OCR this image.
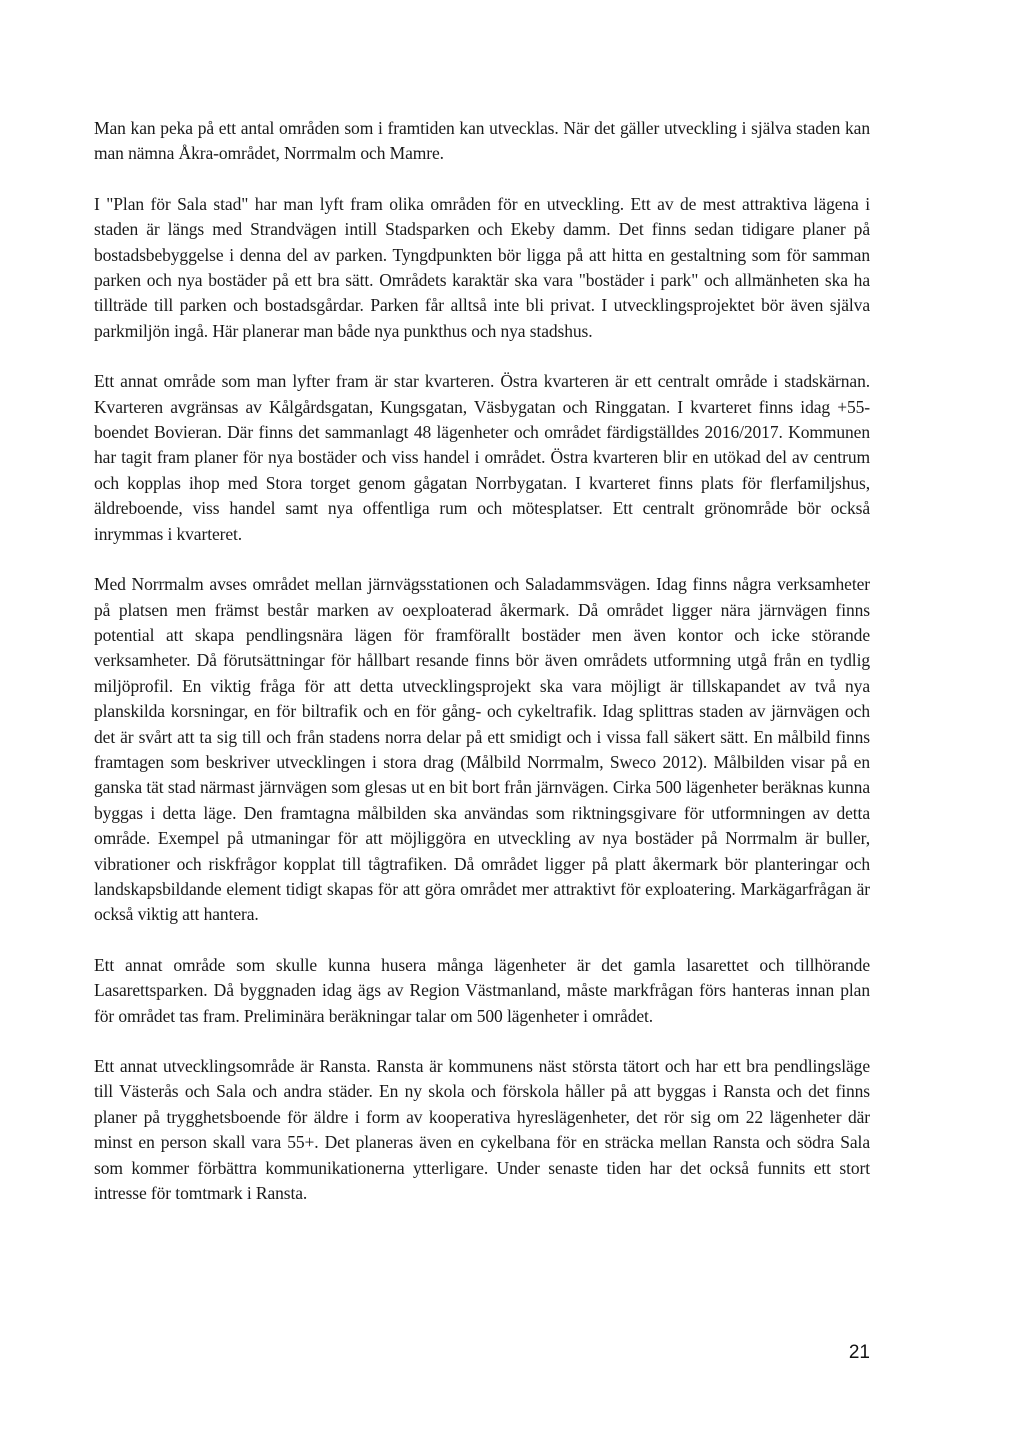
Man kan peka på ett antal områden som i framtiden kan utvecklas. När det gäller utveckling i själva staden kan man nämna Åkra-området, Norrmalm och Mamre.

I "Plan för Sala stad" har man lyft fram olika områden för en utveckling. Ett av de mest attraktiva lägena i staden är längs med Strandvägen intill Stadsparken och Ekeby damm. Det finns sedan tidigare planer på bostadsbebyggelse i denna del av parken. Tyngdpunkten bör ligga på att hitta en gestaltning som för samman parken och nya bostäder på ett bra sätt. Områdets karaktär ska vara "bostäder i park" och allmänheten ska ha tillträde till parken och bostadsgårdar. Parken får alltså inte bli privat. I utvecklingsprojektet bör även själva parkmiljön ingå. Här planerar man både nya punkthus och nya stadshus.

Ett annat område som man lyfter fram är star kvarteren. Östra kvarteren är ett centralt område i stadskärnan. Kvarteren avgränsas av Kålgårdsgatan, Kungsgatan, Väsbygatan och Ringgatan. I kvarteret finns idag +55-boendet Bovieran. Där finns det sammanlagt 48 lägenheter och området färdigställdes 2016/2017. Kommunen har tagit fram planer för nya bostäder och viss handel i området. Östra kvarteren blir en utökad del av centrum och kopplas ihop med Stora torget genom gågatan Norrbygatan. I kvarteret finns plats för flerfamiljshus, äldreboende, viss handel samt nya offentliga rum och mötesplatser. Ett centralt grönområde bör också inrymmas i kvarteret.

Med Norrmalm avses området mellan järnvägsstationen och Saladammsvägen. Idag finns några verksamheter på platsen men främst består marken av oexploaterad åkermark. Då området ligger nära järnvägen finns potential att skapa pendlingsnära lägen för framförallt bostäder men även kontor och icke störande verksamheter. Då förutsättningar för hållbart resande finns bör även områdets utformning utgå från en tydlig miljöprofil. En viktig fråga för att detta utvecklingsprojekt ska vara möjligt är tillskapandet av två nya planskilda korsningar, en för biltrafik och en för gång- och cykeltrafik. Idag splittras staden av järnvägen och det är svårt att ta sig till och från stadens norra delar på ett smidigt och i vissa fall säkert sätt. En målbild finns framtagen som beskriver utvecklingen i stora drag (Målbild Norrmalm, Sweco 2012). Målbilden visar på en ganska tät stad närmast järnvägen som glesas ut en bit bort från järnvägen. Cirka 500 lägenheter beräknas kunna byggas i detta läge. Den framtagna målbilden ska användas som riktningsgivare för utformningen av detta område. Exempel på utmaningar för att möjliggöra en utveckling av nya bostäder på Norrmalm är buller, vibrationer och riskfrågor kopplat till tågtrafiken. Då området ligger på platt åkermark bör planteringar och landskapsbildande element tidigt skapas för att göra området mer attraktivt för exploatering. Markägarfrågan är också viktig att hantera.

Ett annat område som skulle kunna husera många lägenheter är det gamla lasarettet och tillhörande Lasarettsparken. Då byggnaden idag ägs av Region Västmanland, måste markfrågan förs hanteras innan plan för området tas fram. Preliminära beräkningar talar om 500 lägenheter i området.

Ett annat utvecklingsområde är Ransta. Ransta är kommunens näst största tätort och har ett bra pendlingsläge till Västerås och Sala och andra städer. En ny skola och förskola håller på att byggas i Ransta och det finns planer på trygghetsboende för äldre i form av kooperativa hyreslägenheter, det rör sig om 22 lägenheter där minst en person skall vara 55+. Det planeras även en cykelbana för en sträcka mellan Ransta och södra Sala som kommer förbättra kommunikationerna ytterligare. Under senaste tiden har det också funnits ett stort intresse för tomtmark i Ransta.

21
